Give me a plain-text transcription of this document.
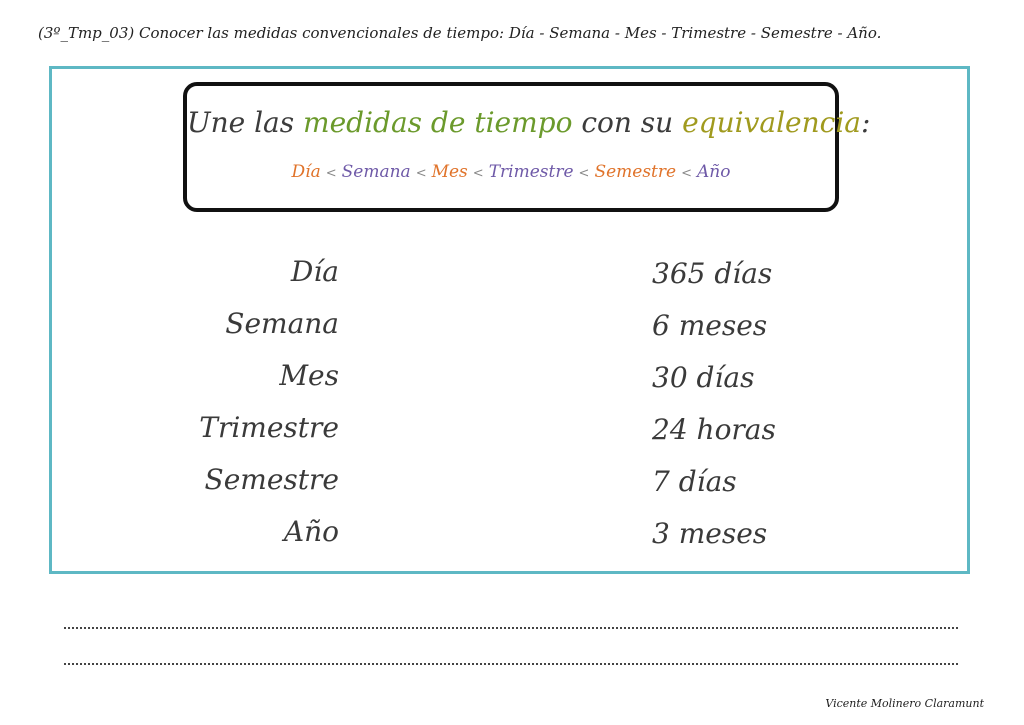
(3º_Tmp_03) Conocer las medidas convencionales de tiempo: Día - Semana - Mes - Trimestre - Semestre - Año.
Une las medidas de tiempo con su equivalencia:
Día < Semana < Mes < Trimestre < Semestre < Año
Día
Semana
Mes
Trimestre
Semestre
Año
365 días
6 meses
30 días
24 horas
7 días
3 meses
Vicente Molinero Claramunt
